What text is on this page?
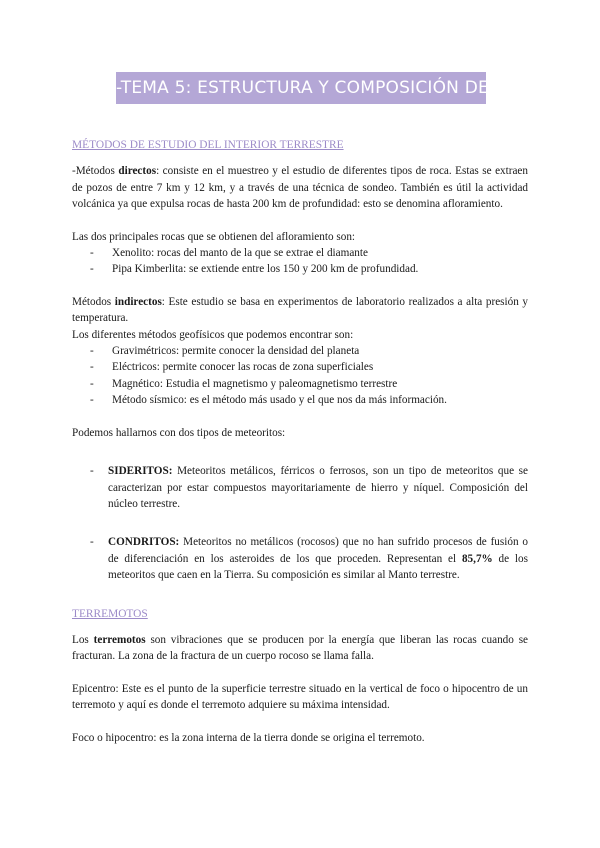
-TEMA 5: ESTRUCTURA Y COMPOSICIÓN DE LA TIERRA-
MÉTODOS DE ESTUDIO DEL INTERIOR TERRESTRE

-Métodos directos: consiste en el muestreo y el estudio de diferentes tipos de roca. Estas se extraen de pozos de entre 7 km y 12 km, y a través de una técnica de sondeo. También es útil la actividad volcánica ya que expulsa rocas de hasta 200 km de profundidad: esto se denomina afloramiento.

Las dos principales rocas que se obtienen del afloramiento son:

-	Xenolito: rocas del manto de la que se extrae el diamante
-	Pipa Kimberlita: se extiende entre los 150 y 200 km de profundidad.

Métodos indirectos: Este estudio se basa en experimentos de laboratorio realizados a alta presión y temperatura.

Los diferentes métodos geofísicos que podemos encontrar son:

-	Gravimétricos: permite conocer la densidad del planeta
-	Eléctricos: permite conocer las rocas de zona superficiales
-	Magnético: Estudia el magnetismo y paleomagnetismo terrestre
-	Método sísmico: es el método más usado y el que nos da más información.

Podemos hallarnos con dos tipos de meteoritos:

- SIDERITOS: Meteoritos metálicos, férricos o ferrosos, son un tipo de meteoritos que se caracterizan por estar compuestos mayoritariamente de hierro y níquel. Composición del núcleo terrestre.
- CONDRITOS: Meteoritos no metálicos (rocosos) que no han sufrido procesos de fusión o de diferenciación en los asteroides de los que proceden. Representan el 85,7% de los meteoritos que caen en la Tierra. Su composición es similar al Manto terrestre.
TERREMOTOS

Los terremotos son vibraciones que se producen por la energía que liberan las rocas cuando se fracturan. La zona de la fractura de un cuerpo rocoso se llama falla.

Epicentro: Este es el punto de la superficie terrestre situado en la vertical de foco o hipocentro de un terremoto y aquí es donde el terremoto adquiere su máxima intensidad.

Foco o hipocentro: es la zona interna de la tierra donde se origina el terremoto.
